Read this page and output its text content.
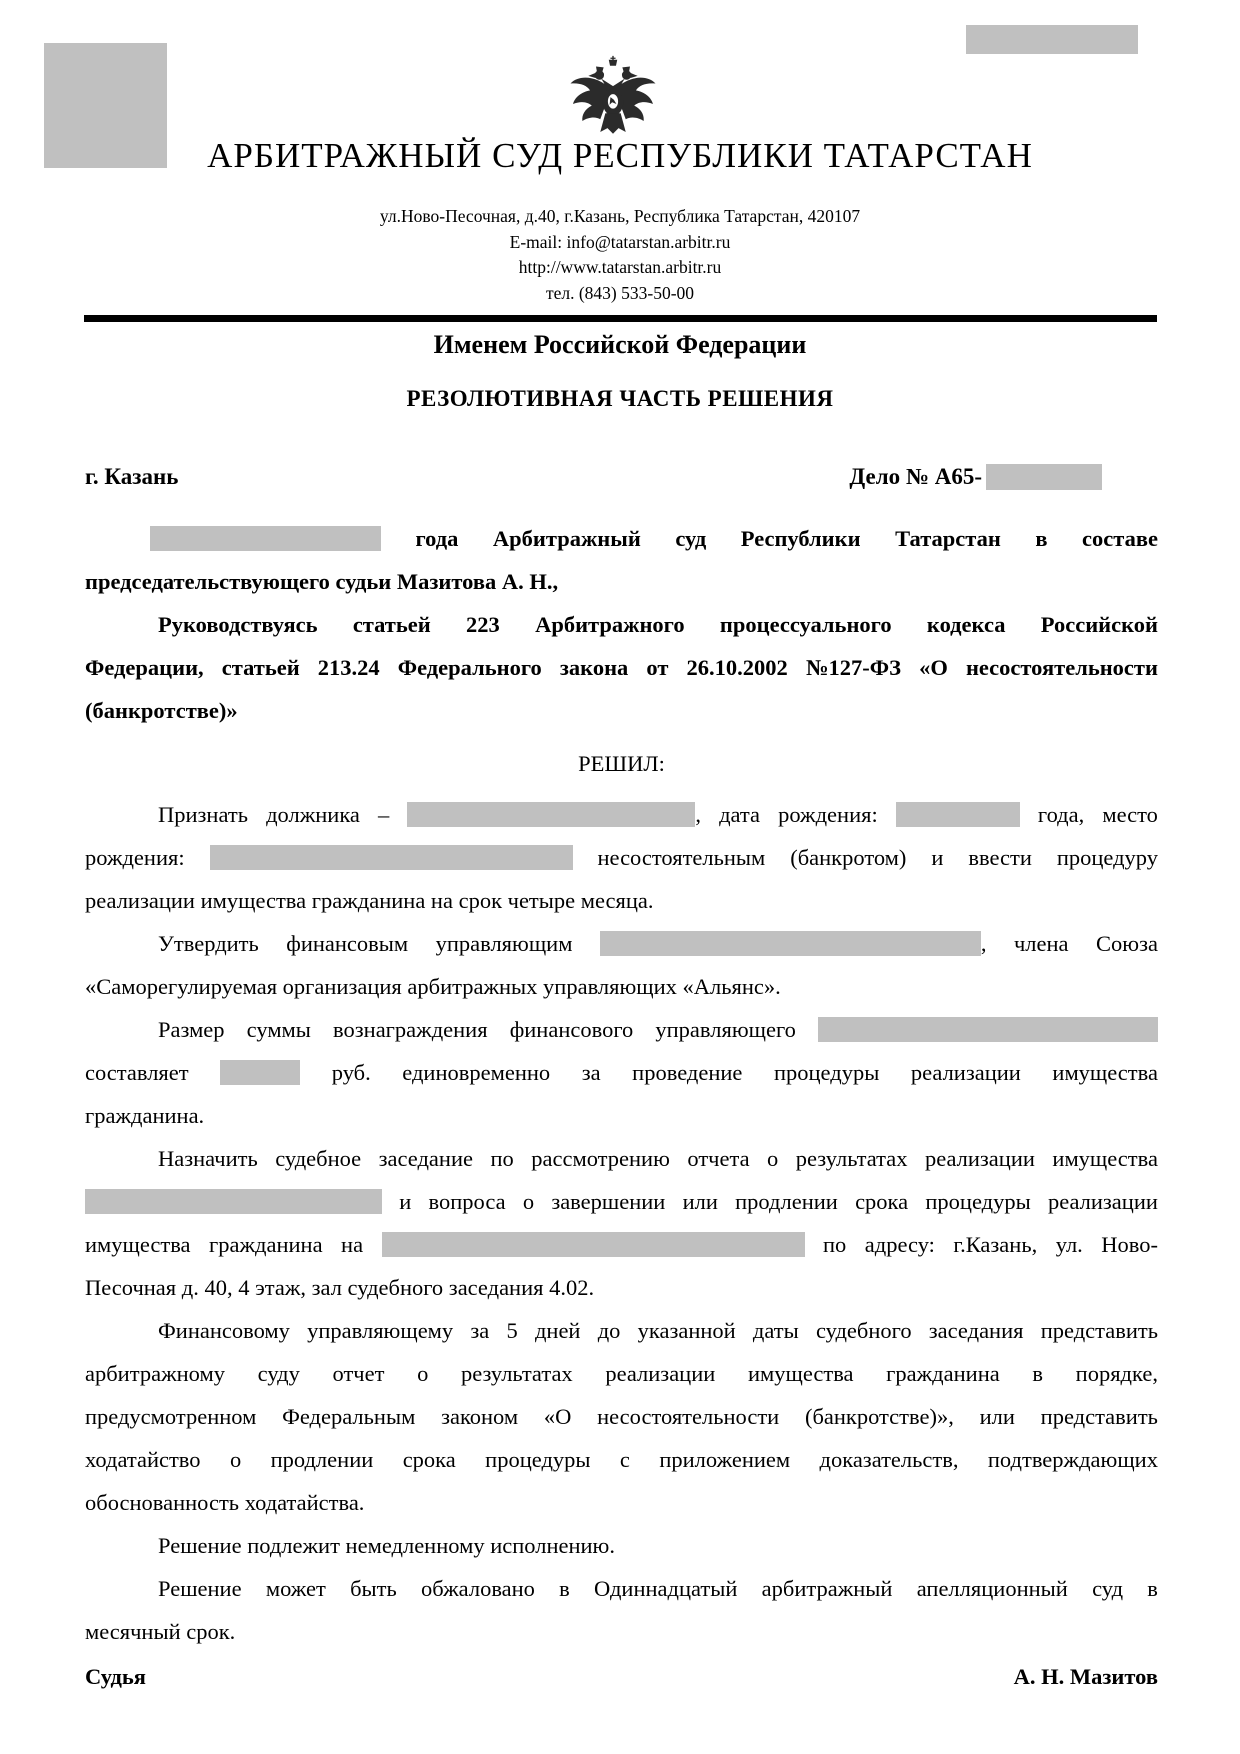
АРБИТРАЖНЫЙ СУД РЕСПУБЛИКИ ТАТАРСТАН
ул.Ново-Песочная, д.40, г.Казань, Республика Татарстан, 420107
E-mail: info@tatarstan.arbitr.ru
http://www.tatarstan.arbitr.ru
тел. (843) 533-50-00
Именем Российской Федерации
РЕЗОЛЮТИВНАЯ ЧАСТЬ РЕШЕНИЯ
г. Казань	Дело № А65-
года Арбитражный суд Республики Татарстан в составе
председательствующего судьи Мазитова А. Н.,
Руководствуясь статьей 223 Арбитражного процессуального кодекса Российской
Федерации, статьей 213.24 Федерального закона от 26.10.2002 №127-ФЗ «О несостоятельности
(банкротстве)»
РЕШИЛ:
Признать должника –	, дата рождения:	года, место
рождения:	несостоятельным (банкротом) и ввести процедуру
реализации имущества гражданина на срок четыре месяца.
Утвердить финансовым управляющим	, члена Союза
«Саморегулируемая организация арбитражных управляющих «Альянс».
Размер суммы вознаграждения финансового управляющего
составляет	руб. единовременно за проведение процедуры реализации имущества
гражданина.
Назначить судебное заседание по рассмотрению отчета о результатах реализации имущества
и вопроса о завершении или продлении срока процедуры реализации
имущества гражданина на	по адресу: г.Казань, ул. Ново-
Песочная д. 40, 4 этаж, зал судебного заседания 4.02.
Финансовому управляющему за 5 дней до указанной даты судебного заседания представить
арбитражному суду отчет о результатах реализации имущества гражданина в порядке,
предусмотренном Федеральным законом «О несостоятельности (банкротстве)», или представить
ходатайство о продлении срока процедуры с приложением доказательств, подтверждающих
обоснованность ходатайства.
Решение подлежит немедленному исполнению.
Решение может быть обжаловано в Одиннадцатый арбитражный апелляционный суд в
месячный срок.
Судья	А. Н. Мазитов
